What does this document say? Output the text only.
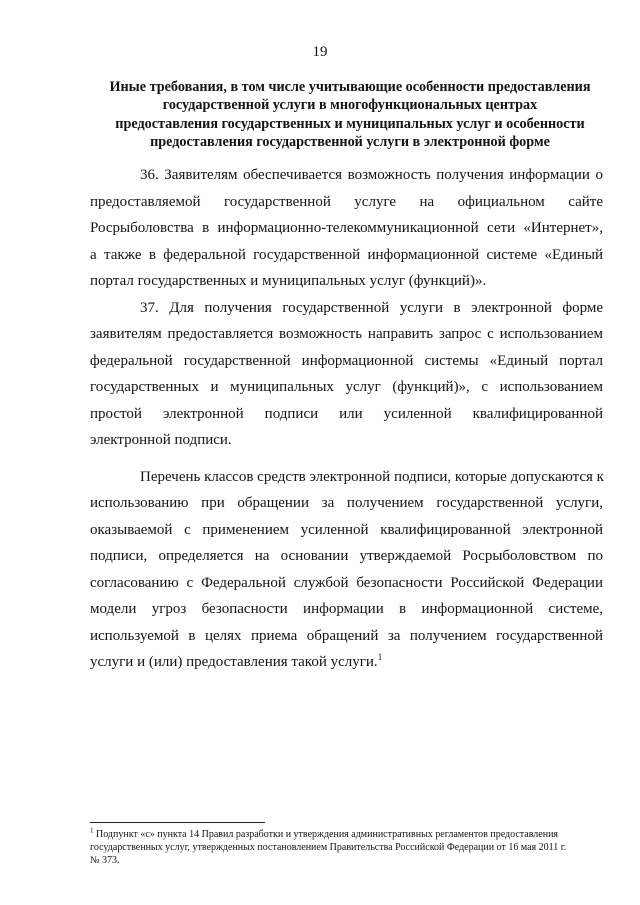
19
Иные требования, в том числе учитывающие особенности предоставления
государственной услуги в многофункциональных центрах
предоставления государственных и муниципальных услуг и особенности
предоставления государственной услуги в электронной форме
36. Заявителям обеспечивается возможность получения информации о
предоставляемой государственной услуге на официальном сайте
Росрыболовства в информационно-телекоммуникационной сети «Интернет»,
а также в федеральной государственной информационной системе «Единый
портал государственных и муниципальных услуг (функций)».
37. Для получения государственной услуги в электронной форме
заявителям предоставляется возможность направить запрос с использованием
федеральной государственной информационной системы «Единый портал
государственных и муниципальных услуг (функций)», с использованием
простой электронной подписи или усиленной квалифицированной
электронной подписи.
Перечень классов средств электронной подписи, которые допускаются к
использованию при обращении за получением государственной услуги,
оказываемой с применением усиленной квалифицированной электронной
подписи, определяется на основании утверждаемой Росрыболовством по
согласованию с Федеральной службой безопасности Российской Федерации
модели угроз безопасности информации в информационной системе,
используемой в целях приема обращений за получением государственной
услуги и (или) предоставления такой услуги.$^1$
$^1$ Подпункт «с» пункта 14 Правил разработки и утверждения административных регламентов предоставления
государственных услуг, утвержденных постановлением Правительства Российской Федерации от 16 мая 2011 г.
№ 373.
